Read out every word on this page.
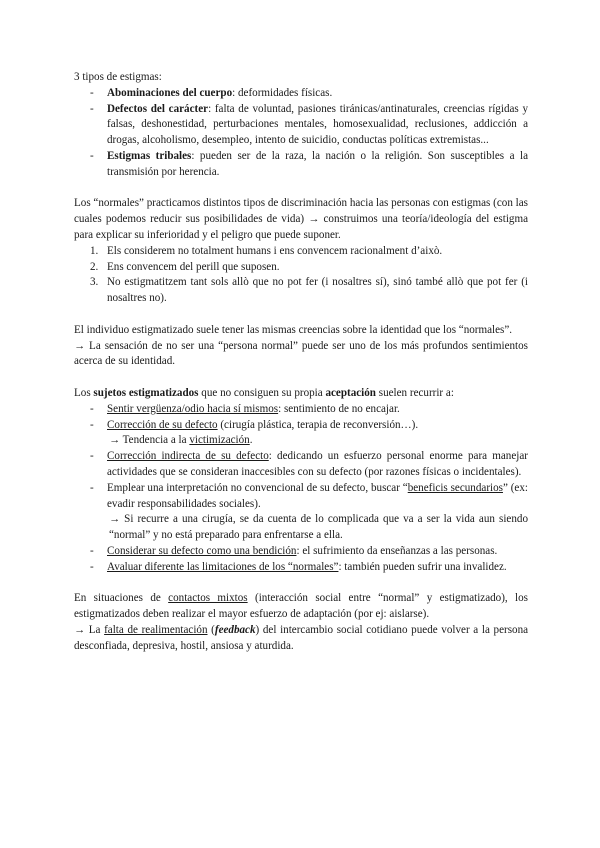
3 tipos de estigmas:

- Abominaciones del cuerpo: deformidades físicas.
- Defectos del carácter: falta de voluntad, pasiones tiránicas/antinaturales, creencias rígidas y falsas, deshonestidad, perturbaciones mentales, homosexualidad, reclusiones, addicción a drogas, alcoholismo, desempleo, intento de suicidio, conductas políticas extremistas...
- Estigmas tribales: pueden ser de la raza, la nación o la religión. Son susceptibles a la transmisión por herencia.

Los “normales” practicamos distintos tipos de discriminación hacia las personas con estigmas (con las cuales podemos reducir sus posibilidades de vida) → construimos una teoría/ideología del estigma para explicar su inferioridad y el peligro que puede suponer.

1. Els considerem no totalment humans i ens convencem racionalment d’això.
2. Ens convencem del perill que suposen.
3. No estigmatitzem tant sols allò que no pot fer (i nosaltres sí), sinó també allò que pot fer (i nosaltres no).

El individuo estigmatizado suele tener las mismas creencias sobre la identidad que los “normales”.

→ La sensación de no ser una “persona normal” puede ser uno de los más profundos sentimientos acerca de su identidad.

Los sujetos estigmatizados que no consiguen su propia aceptación suelen recurrir a:

- Sentir vergüenza/odio hacia sí mismos: sentimiento de no encajar.
- Corrección de su defecto (cirugía plástica, terapia de reconversión…).
→ Tendencia a la victimización.
- Corrección indirecta de su defecto: dedicando un esfuerzo personal enorme para manejar actividades que se consideran inaccesibles con su defecto (por razones físicas o incidentales).
- Emplear una interpretación no convencional de su defecto, buscar “beneficis secundarios” (ex: evadir responsabilidades sociales).
→ Si recurre a una cirugía, se da cuenta de lo complicada que va a ser la vida aun siendo “normal” y no está preparado para enfrentarse a ella.
- Considerar su defecto como una bendición: el sufrimiento da enseñanzas a las personas.
- Avaluar diferente las limitaciones de los “normales”: también pueden sufrir una invalidez.

En situaciones de contactos mixtos (interacción social entre “normal” y estigmatizado), los estigmatizados deben realizar el mayor esfuerzo de adaptación (por ej: aislarse).

→ La falta de realimentación (feedback) del intercambio social cotidiano puede volver a la persona desconfiada, depresiva, hostil, ansiosa y aturdida.
